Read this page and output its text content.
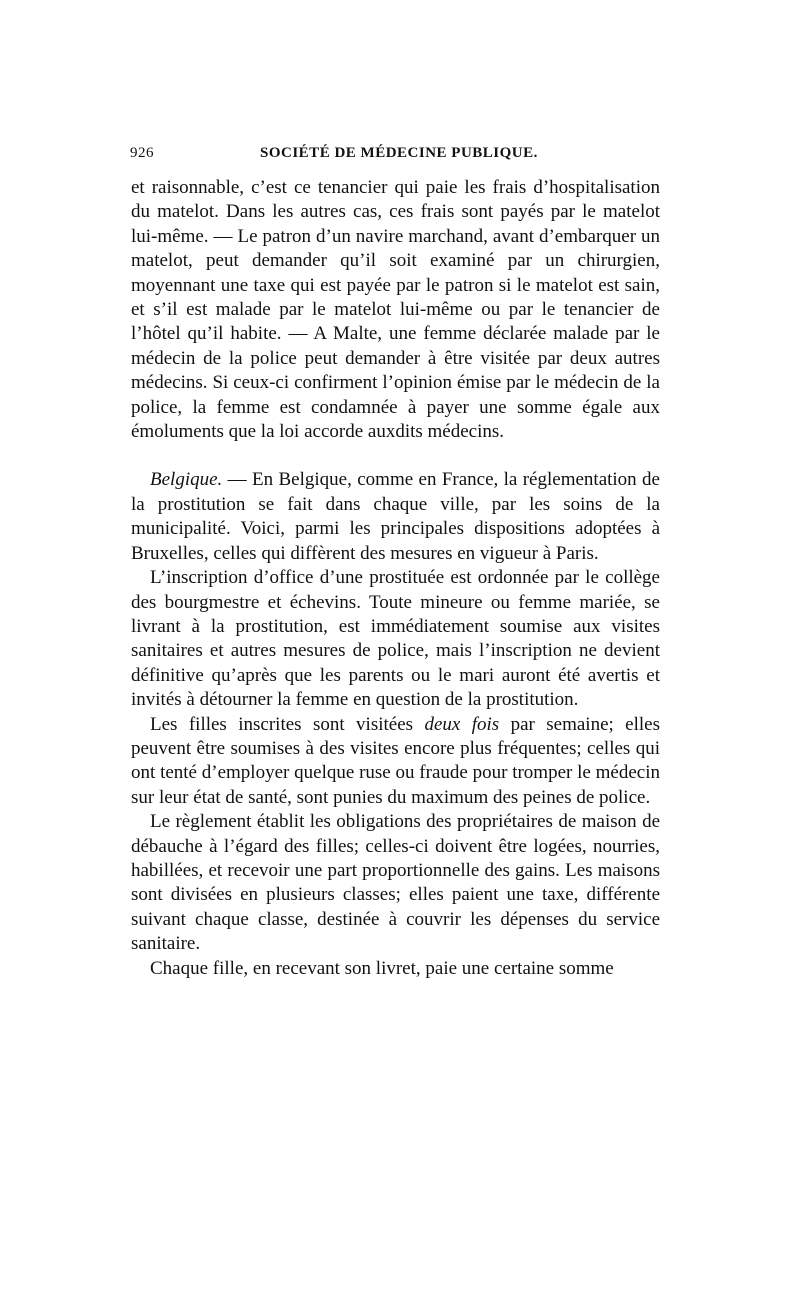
926	SOCIÉTÉ DE MÉDECINE PUBLIQUE.

et raisonnable, c’est ce tenancier qui paie les frais d’hospitalisation du matelot. Dans les autres cas, ces frais sont payés par le matelot lui-même. — Le patron d’un navire marchand, avant d’embarquer un matelot, peut demander qu’il soit examiné par un chirurgien, moyennant une taxe qui est payée par le patron si le matelot est sain, et s’il est malade par le matelot lui-même ou par le tenancier de l’hôtel qu’il habite. — A Malte, une femme déclarée malade par le médecin de la police peut demander à être visitée par deux autres médecins. Si ceux-ci confirment l’opinion émise par le médecin de la police, la femme est condamnée à payer une somme égale aux émoluments que la loi accorde auxdits médecins.

Belgique. — En Belgique, comme en France, la réglementation de la prostitution se fait dans chaque ville, par les soins de la municipalité. Voici, parmi les principales dispositions adoptées à Bruxelles, celles qui diffèrent des mesures en vigueur à Paris.

L’inscription d’office d’une prostituée est ordonnée par le collège des bourgmestre et échevins. Toute mineure ou femme mariée, se livrant à la prostitution, est immédiatement soumise aux visites sanitaires et autres mesures de police, mais l’inscription ne devient définitive qu’après que les parents ou le mari auront été avertis et invités à détourner la femme en question de la prostitution.

Les filles inscrites sont visitées deux fois par semaine; elles peuvent être soumises à des visites encore plus fréquentes; celles qui ont tenté d’employer quelque ruse ou fraude pour tromper le médecin sur leur état de santé, sont punies du maximum des peines de police.

Le règlement établit les obligations des propriétaires de maison de débauche à l’égard des filles; celles-ci doivent être logées, nourries, habillées, et recevoir une part proportionnelle des gains. Les maisons sont divisées en plusieurs classes; elles paient une taxe, différente suivant chaque classe, destinée à couvrir les dépenses du service sanitaire.

Chaque fille, en recevant son livret, paie une certaine somme
